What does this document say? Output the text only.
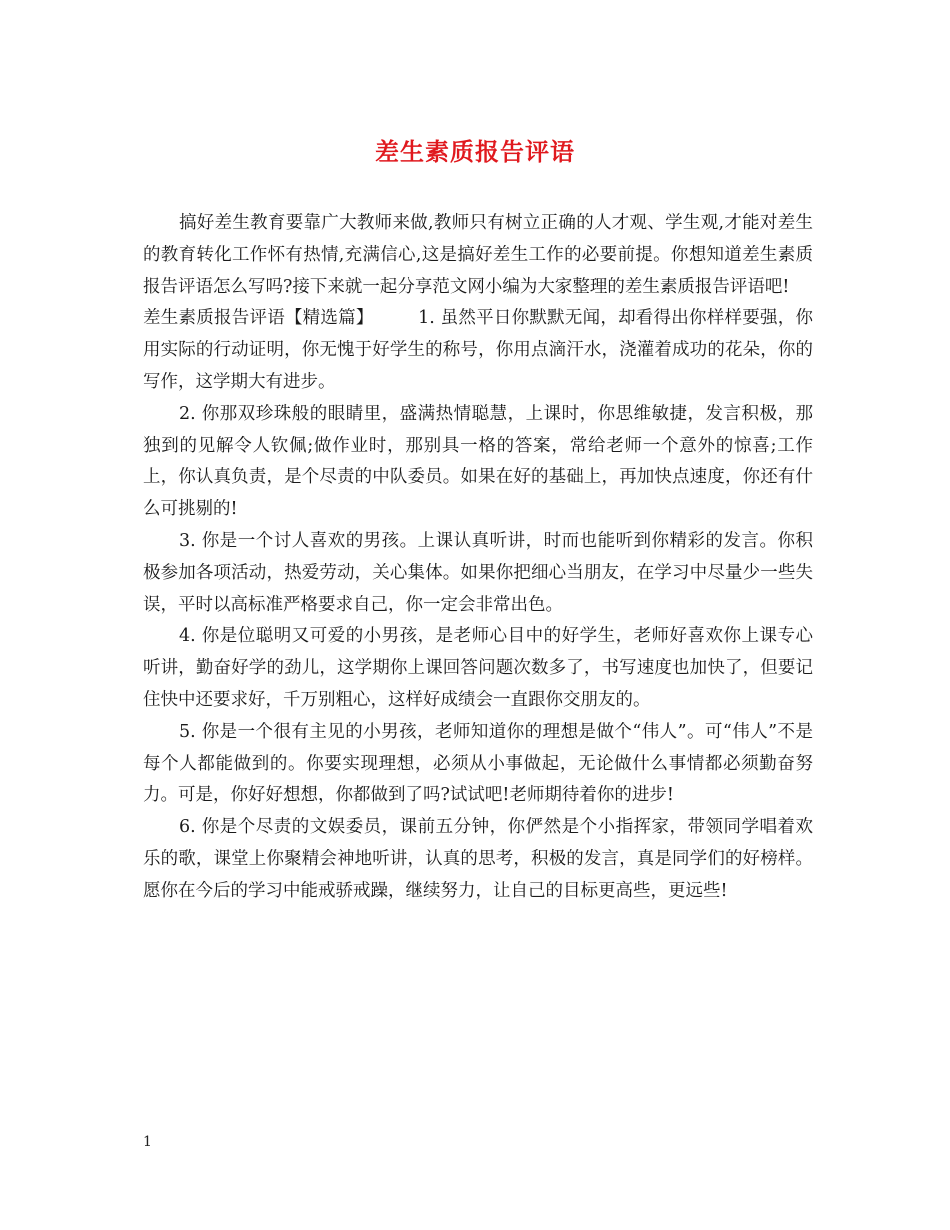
差生素质报告评语

搞好差生教育要靠广大教师来做,教师只有树立正确的人才观、学生观,才能对差生的教育转化工作怀有热情,充满信心,这是搞好差生工作的必要前提。你想知道差生素质报告评语怎么写吗?接下来就一起分享范文网小编为大家整理的差生素质报告评语吧!

差生素质报告评语【精选篇】　　　1. 虽然平日你默默无闻，却看得出你样样要强，你用实际的行动证明，你无愧于好学生的称号，你用点滴汗水，浇灌着成功的花朵，你的写作，这学期大有进步。

2. 你那双珍珠般的眼睛里，盛满热情聪慧，上课时，你思维敏捷，发言积极，那独到的见解令人钦佩;做作业时，那别具一格的答案，常给老师一个意外的惊喜;工作上，你认真负责，是个尽责的中队委员。如果在好的基础上，再加快点速度，你还有什么可挑剔的!

3. 你是一个讨人喜欢的男孩。上课认真听讲，时而也能听到你精彩的发言。你积极参加各项活动，热爱劳动，关心集体。如果你把细心当朋友，在学习中尽量少一些失误，平时以高标准严格要求自己，你一定会非常出色。

4. 你是位聪明又可爱的小男孩，是老师心目中的好学生，老师好喜欢你上课专心听讲，勤奋好学的劲儿，这学期你上课回答问题次数多了，书写速度也加快了，但要记住快中还要求好，千万别粗心，这样好成绩会一直跟你交朋友的。

5. 你是一个很有主见的小男孩，老师知道你的理想是做个“伟人”。可“伟人”不是每个人都能做到的。你要实现理想，必须从小事做起，无论做什么事情都必须勤奋努力。可是，你好好想想，你都做到了吗?试试吧!老师期待着你的进步!

6. 你是个尽责的文娱委员，课前五分钟，你俨然是个小指挥家，带领同学唱着欢乐的歌，课堂上你聚精会神地听讲，认真的思考，积极的发言，真是同学们的好榜样。愿你在今后的学习中能戒骄戒躁，继续努力，让自己的目标更高些，更远些!

1
